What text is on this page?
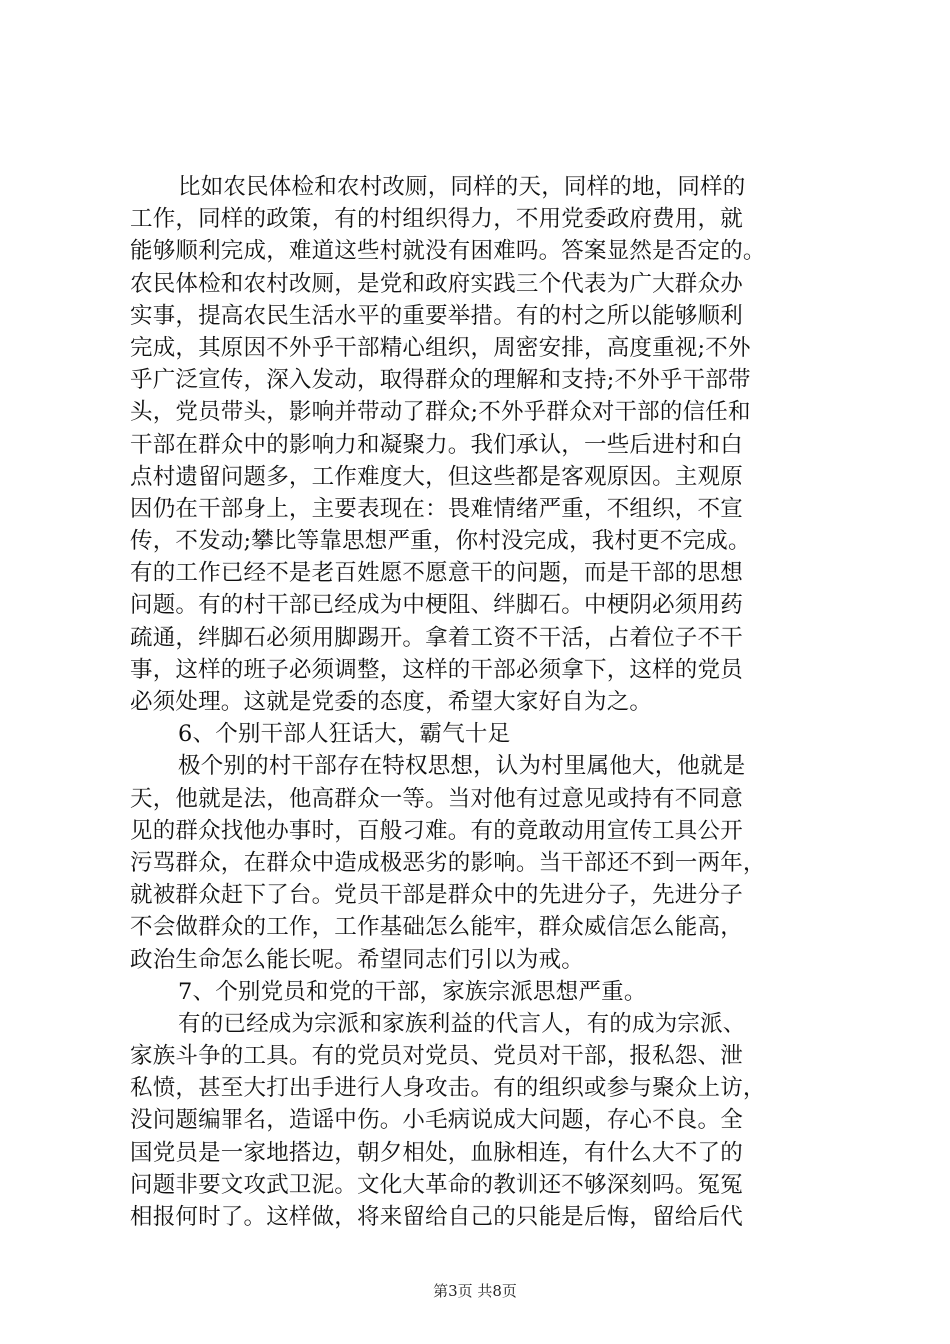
比如农民体检和农村改厕，同样的天，同样的地，同样的
工作，同样的政策，有的村组织得力，不用党委政府费用，就
能够顺利完成，难道这些村就没有困难吗。答案显然是否定的。
农民体检和农村改厕，是党和政府实践三个代表为广大群众办
实事，提高农民生活水平的重要举措。有的村之所以能够顺利
完成，其原因不外乎干部精心组织，周密安排，高度重视;不外
乎广泛宣传，深入发动，取得群众的理解和支持;不外乎干部带
头，党员带头，影响并带动了群众;不外乎群众对干部的信任和
干部在群众中的影响力和凝聚力。我们承认，一些后进村和白
点村遗留问题多，工作难度大，但这些都是客观原因。主观原
因仍在干部身上，主要表现在：畏难情绪严重，不组织，不宣
传，不发动;攀比等靠思想严重，你村没完成，我村更不完成。
有的工作已经不是老百姓愿不愿意干的问题，而是干部的思想
问题。有的村干部已经成为中梗阻、绊脚石。中梗阴必须用药
疏通，绊脚石必须用脚踢开。拿着工资不干活，占着位子不干
事，这样的班子必须调整，这样的干部必须拿下，这样的党员
必须处理。这就是党委的态度，希望大家好自为之。
6、个别干部人狂话大，霸气十足
极个别的村干部存在特权思想，认为村里属他大，他就是
天，他就是法，他高群众一等。当对他有过意见或持有不同意
见的群众找他办事时，百般刁难。有的竟敢动用宣传工具公开
污骂群众，在群众中造成极恶劣的影响。当干部还不到一两年，
就被群众赶下了台。党员干部是群众中的先进分子，先进分子
不会做群众的工作，工作基础怎么能牢，群众威信怎么能高，
政治生命怎么能长呢。希望同志们引以为戒。
7、个别党员和党的干部，家族宗派思想严重。
有的已经成为宗派和家族利益的代言人，有的成为宗派、
家族斗争的工具。有的党员对党员、党员对干部，报私怨、泄
私愤，甚至大打出手进行人身攻击。有的组织或参与聚众上访，
没问题编罪名，造谣中伤。小毛病说成大问题，存心不良。全
国党员是一家地搭边，朝夕相处，血脉相连，有什么大不了的
问题非要文攻武卫泥。文化大革命的教训还不够深刻吗。冤冤
相报何时了。这样做，将来留给自己的只能是后悔，留给后代
第3页 共8页
